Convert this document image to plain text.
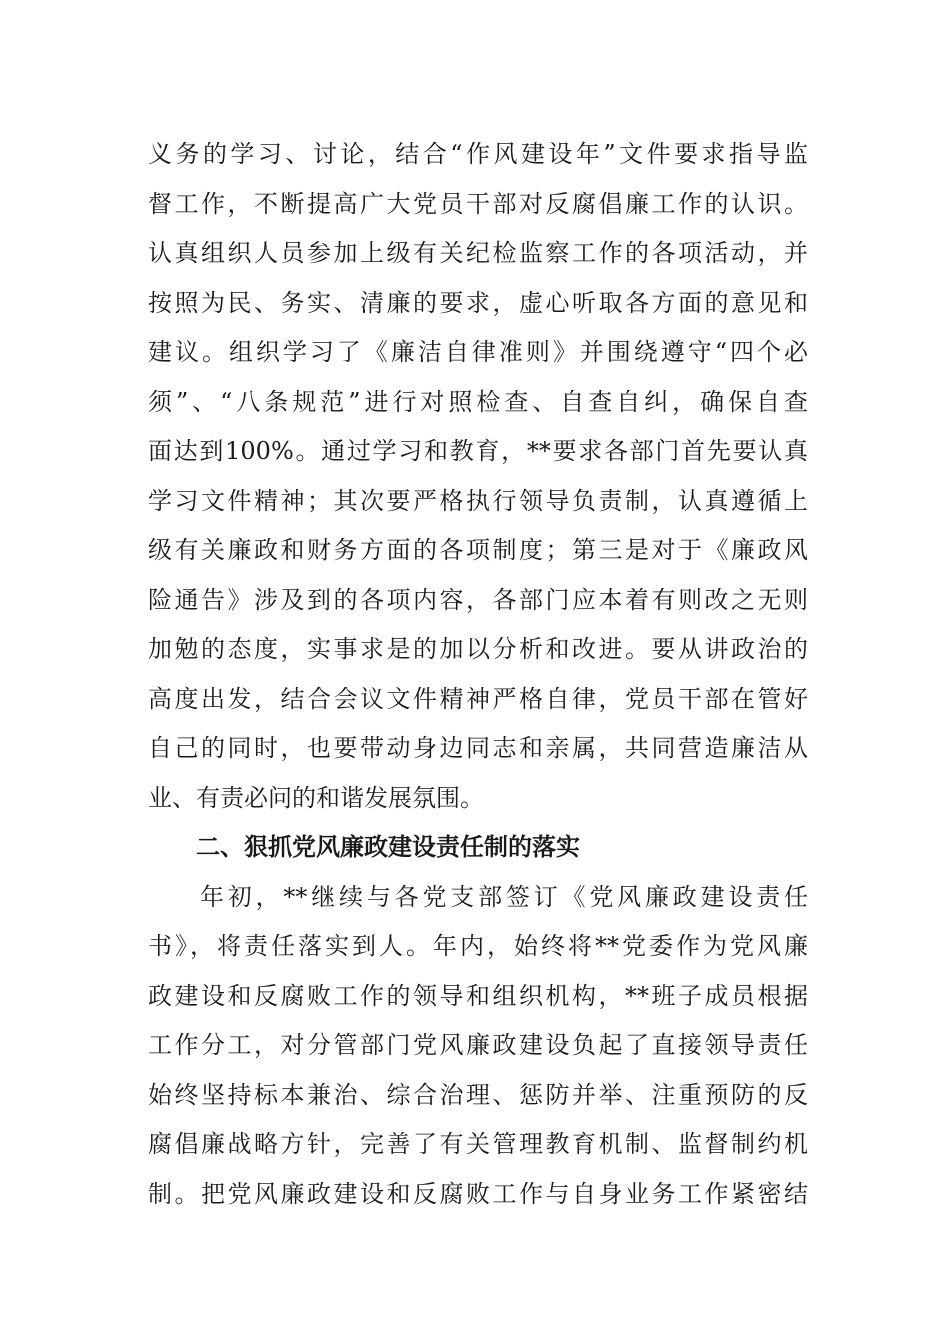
义务的学习、讨论，结合“作风建设年”文件要求指导监
督工作，不断提高广大党员干部对反腐倡廉工作的认识。
认真组织人员参加上级有关纪检监察工作的各项活动，并
按照为民、务实、清廉的要求，虚心听取各方面的意见和
建议。组织学习了《廉洁自律准则》并围绕遵守“四个必
须”、“八条规范”进行对照检查、自查自纠，确保自查
面达到100%。通过学习和教育，**要求各部门首先要认真
学习文件精神；其次要严格执行领导负责制，认真遵循上
级有关廉政和财务方面的各项制度；第三是对于《廉政风
险通告》涉及到的各项内容，各部门应本着有则改之无则
加勉的态度，实事求是的加以分析和改进。要从讲政治的
高度出发，结合会议文件精神严格自律，党员干部在管好
自己的同时，也要带动身边同志和亲属，共同营造廉洁从
业、有责必问的和谐发展氛围。
二、狠抓党风廉政建设责任制的落实
年初，**继续与各党支部签订《党风廉政建设责任
书》，将责任落实到人。年内，始终将**党委作为党风廉
政建设和反腐败工作的领导和组织机构，**班子成员根据
工作分工，对分管部门党风廉政建设负起了直接领导责任
始终坚持标本兼治、综合治理、惩防并举、注重预防的反
腐倡廉战略方针，完善了有关管理教育机制、监督制约机
制。把党风廉政建设和反腐败工作与自身业务工作紧密结
